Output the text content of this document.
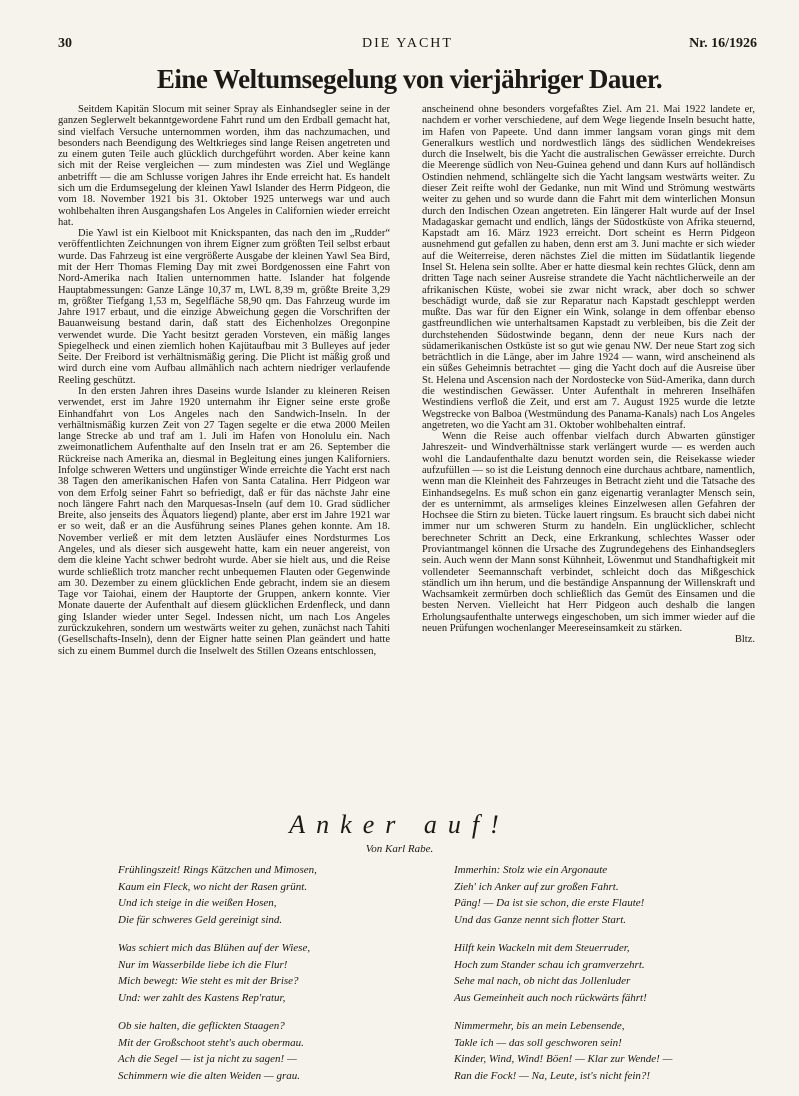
30	DIE YACHT	Nr. 16/1926
Eine Weltumsegelung von vierjähriger Dauer.

Seitdem Kapitän Slocum mit seiner Spray als Einhandsegler seine in der ganzen Seglerwelt bekanntgewordene Fahrt rund um den Erdball gemacht hat, sind vielfach Versuche unternommen worden, ihm das nachzumachen, und besonders nach Beendigung des Weltkrieges sind lange Reisen angetreten und zu einem guten Teile auch glücklich durchgeführt worden. Aber keine kann sich mit der Reise vergleichen — zum mindesten was Ziel und Weglänge anbetrifft — die am Schlusse vorigen Jahres ihr Ende erreicht hat. Es handelt sich um die Erdumsegelung der kleinen Yawl Islander des Herrn Pidgeon, die vom 18. November 1921 bis 31. Oktober 1925 unterwegs war und auch wohlbehalten ihren Ausgangshafen Los Angeles in Californien wieder erreicht hat.

Die Yawl ist ein Kielboot mit Knickspanten, das nach den im „Rudder“ veröffentlichten Zeichnungen von ihrem Eigner zum größten Teil selbst erbaut wurde. Das Fahrzeug ist eine vergrößerte Ausgabe der kleinen Yawl Sea Bird, mit der Herr Thomas Fleming Day mit zwei Bordgenossen eine Fahrt von Nord-Amerika nach Italien unternommen hatte. Islander hat folgende Hauptabmessungen: Ganze Länge 10,37 m, LWL 8,39 m, größte Breite 3,29 m, größter Tiefgang 1,53 m, Segelfläche 58,90 qm. Das Fahrzeug wurde im Jahre 1917 erbaut, und die einzige Abweichung gegen die Vorschriften der Bauanweisung bestand darin, daß statt des Eichenholzes Oregonpine verwendet wurde. Die Yacht besitzt geraden Vorsteven, ein mäßig langes Spiegelheck und einen ziemlich hohen Kajütaufbau mit 3 Bulleyes auf jeder Seite. Der Freibord ist verhältnismäßig gering. Die Plicht ist mäßig groß und wird durch eine vom Aufbau allmählich nach achtern niedriger verlaufende Reeling geschützt.

In den ersten Jahren ihres Daseins wurde Islander zu kleineren Reisen verwendet, erst im Jahre 1920 unternahm ihr Eigner seine erste große Einhandfahrt von Los Angeles nach den Sandwich-Inseln. In der verhältnismäßig kurzen Zeit von 27 Tagen segelte er die etwa 2000 Meilen lange Strecke ab und traf am 1. Juli im Hafen von Honolulu ein. Nach zweimonatlichem Aufenthalte auf den Inseln trat er am 26. September die Rückreise nach Amerika an, diesmal in Begleitung eines jungen Kaliforniers. Infolge schweren Wetters und ungünstiger Winde erreichte die Yacht erst nach 38 Tagen den amerikanischen Hafen von Santa Catalina. Herr Pidgeon war von dem Erfolg seiner Fahrt so befriedigt, daß er für das nächste Jahr eine noch längere Fahrt nach den Marquesas-Inseln (auf dem 10. Grad südlicher Breite, also jenseits des Äquators liegend) plante, aber erst im Jahre 1921 war er so weit, daß er an die Ausführung seines Planes gehen konnte. Am 18. November verließ er mit dem letzten Ausläufer eines Nordsturmes Los Angeles, und als dieser sich ausgeweht hatte, kam ein neuer angereist, von dem die kleine Yacht schwer bedroht wurde. Aber sie hielt aus, und die Reise wurde schließlich trotz mancher recht unbequemen Flauten oder Gegenwinde am 30. Dezember zu einem glücklichen Ende gebracht, indem sie an diesem Tage vor Taiohai, einem der Hauptorte der Gruppen, ankern konnte. Vier Monate dauerte der Aufenthalt auf diesem glücklichen Erdenfleck, und dann ging Islander wieder unter Segel. Indessen nicht, um nach Los Angeles zurückzukehren, sondern um westwärts weiter zu gehen, zunächst nach Tahiti (Gesellschafts-Inseln), denn der Eigner hatte seinen Plan geändert und hatte sich zu einem Bummel durch die Inselwelt des Stillen Ozeans entschlossen,

anscheinend ohne besonders vorgefaßtes Ziel. Am 21. Mai 1922 landete er, nachdem er vorher verschiedene, auf dem Wege liegende Inseln besucht hatte, im Hafen von Papeete. Und dann immer langsam voran gings mit dem Generalkurs westlich und nordwestlich längs des südlichen Wendekreises durch die Inselwelt, bis die Yacht die australischen Gewässer erreichte. Durch die Meerenge südlich von Neu-Guinea gehend und dann Kurs auf holländisch Ostindien nehmend, schlängelte sich die Yacht langsam westwärts weiter. Zu dieser Zeit reifte wohl der Gedanke, nun mit Wind und Strömung westwärts weiter zu gehen und so wurde dann die Fahrt mit dem winterlichen Monsun durch den Indischen Ozean angetreten. Ein längerer Halt wurde auf der Insel Madagaskar gemacht und endlich, längs der Südostküste von Afrika steuernd, Kapstadt am 16. März 1923 erreicht. Dort scheint es Herrn Pidgeon ausnehmend gut gefallen zu haben, denn erst am 3. Juni machte er sich wieder auf die Weiterreise, deren nächstes Ziel die mitten im Südatlantik liegende Insel St. Helena sein sollte. Aber er hatte diesmal kein rechtes Glück, denn am dritten Tage nach seiner Ausreise strandete die Yacht nächtlicherweile an der afrikanischen Küste, wobei sie zwar nicht wrack, aber doch so schwer beschädigt wurde, daß sie zur Reparatur nach Kapstadt geschleppt werden mußte. Das war für den Eigner ein Wink, solange in dem offenbar ebenso gastfreundlichen wie unterhaltsamen Kapstadt zu verbleiben, bis die Zeit der durchstehenden Südostwinde begann, denn der neue Kurs nach der südamerikanischen Ostküste ist so gut wie genau NW. Der neue Start zog sich beträchtlich in die Länge, aber im Jahre 1924 — wann, wird anscheinend als ein süßes Geheimnis betrachtet — ging die Yacht doch auf die Ausreise über St. Helena und Ascension nach der Nordostecke von Süd-Amerika, dann durch die westindischen Gewässer. Unter Aufenthalt in mehreren Inselhäfen Westindiens verfloß die Zeit, und erst am 7. August 1925 wurde die letzte Wegstrecke von Balboa (Westmündung des Panama-Kanals) nach Los Angeles angetreten, wo die Yacht am 31. Oktober wohlbehalten eintraf.

Wenn die Reise auch offenbar vielfach durch Abwarten günstiger Jahreszeit- und Windverhältnisse stark verlängert wurde — es werden auch wohl die Landaufenthalte dazu benutzt worden sein, die Reisekasse wieder aufzufüllen — so ist die Leistung dennoch eine durchaus achtbare, namentlich, wenn man die Kleinheit des Fahrzeuges in Betracht zieht und die Tatsache des Einhandsegelns. Es muß schon ein ganz eigenartig veranlagter Mensch sein, der es unternimmt, als armseliges kleines Einzelwesen allen Gefahren der Hochsee die Stirn zu bieten. Tücke lauert ringsum. Es braucht sich dabei nicht immer nur um schweren Sturm zu handeln. Ein unglücklicher, schlecht berechneter Schritt an Deck, eine Erkrankung, schlechtes Wasser oder Proviantmangel können die Ursache des Zugrundegehens des Einhandseglers sein. Auch wenn der Mann sonst Kühnheit, Löwenmut und Standhaftigkeit mit vollendeter Seemannschaft verbindet, schleicht doch das Mißgeschick ständlich um ihn herum, und die beständige Anspannung der Willenskraft und Wachsamkeit zermürben doch schließlich das Gemüt des Einsamen und die besten Nerven. Vielleicht hat Herr Pidgeon auch deshalb die langen Erholungsaufenthalte unterwegs eingeschoben, um sich immer wieder auf die neuen Prüfungen wochenlanger Meereseinsamkeit zu stärken.

Bltz.

Anker auf!
Von Karl Rabe.
Frühlingszeit! Rings Kätzchen und Mimosen,
Kaum ein Fleck, wo nicht der Rasen grünt.
Und ich steige in die weißen Hosen,
Die für schweres Geld gereinigt sind.
Was schiert mich das Blühen auf der Wiese,
Nur im Wasserbilde liebe ich die Flur!
Mich bewegt: Wie steht es mit der Brise?
Und: wer zahlt des Kastens Rep'ratur,
Ob sie halten, die geflickten Staagen?
Mit der Großschoot steht's auch obermau.
Ach die Segel — ist ja nicht zu sagen! —
Schimmern wie die alten Weiden — grau.
Immerhin: Stolz wie ein Argonaute
Zieh' ich Anker auf zur großen Fahrt.
Päng! — Da ist sie schon, die erste Flaute!
Und das Ganze nennt sich flotter Start.
Hilft kein Wackeln mit dem Steuerruder,
Hoch zum Stander schau ich gramverzehrt.
Sehe mal nach, ob nicht das Jollenluder
Aus Gemeinheit auch noch rückwärts fährt!
Nimmermehr, bis an mein Lebensende,
Takle ich — das soll geschworen sein!
Kinder, Wind, Wind! Böen! — Klar zur Wende! —
Ran die Fock! — Na, Leute, ist's nicht fein?!
